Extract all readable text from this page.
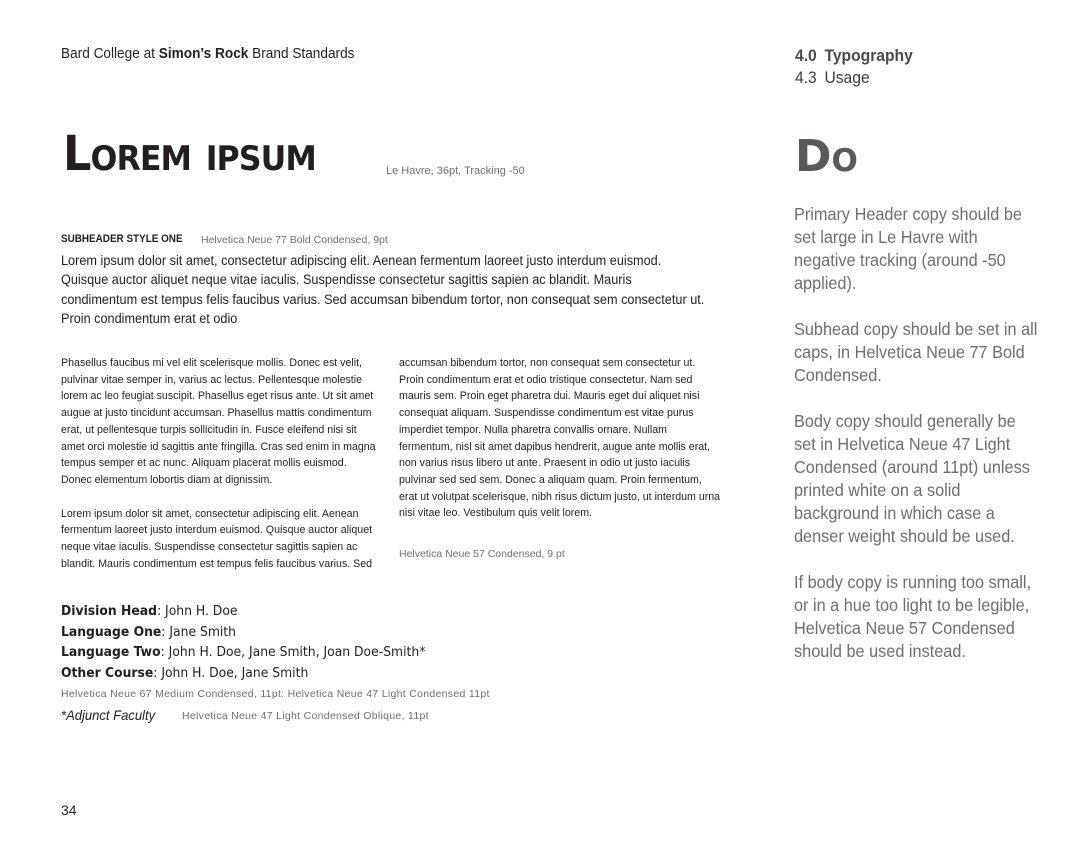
Bard College at Simon’s Rock Brand Standards	4.0 Typography
4.3 Usage
Lorem ipsum	Le Havre, 36pt, Tracking -50
SUBHEADER STYLE ONE Helvetica Neue 77 Bold Condensed, 9pt
Lorem ipsum dolor sit amet, consectetur adipiscing elit. Aenean fermentum laoreet justo interdum euismod. Quisque auctor aliquet neque vitae iaculis. Suspendisse consectetur sagittis sapien ac blandit. Mauris condimentum est tempus felis faucibus varius. Sed accumsan bibendum tortor, non consequat sem consectetur ut. Proin condimentum erat et odio

Phasellus faucibus mi vel elit scelerisque mollis. Donec est velit, pulvinar vitae semper in, varius ac lectus. Pellentesque molestie lorem ac leo feugiat suscipit. Phasellus eget risus ante. Ut sit amet augue at justo tincidunt accumsan. Phasellus mattis condimentum erat, ut pellentesque turpis sollicitudin in. Fusce eleifend nisi sit amet orci molestie id sagittis ante fringilla. Cras sed enim in magna tempus semper et ac nunc. Aliquam placerat mollis euismod. Donec elementum lobortis diam at dignissim.

Lorem ipsum dolor sit amet, consectetur adipiscing elit. Aenean fermentum laoreet justo interdum euismod. Quisque auctor aliquet neque vitae iaculis. Suspendisse consectetur sagittis sapien ac blandit. Mauris condimentum est tempus felis faucibus varius. Sed

accumsan bibendum tortor, non consequat sem consectetur ut. Proin condimentum erat et odio tristique consectetur. Nam sed mauris sem. Proin eget pharetra dui. Mauris eget dui aliquet nisi consequat aliquam. Suspendisse condimentum est vitae purus imperdiet tempor. Nulla pharetra convallis ornare. Nullam fermentum, nisl sit amet dapibus hendrerit, augue ante mollis erat, non varius risus libero ut ante. Praesent in odio ut justo iaculis pulvinar sed sed sem. Donec a aliquam quam. Proin fermentum, erat ut volutpat scelerisque, nibh risus dictum justo, ut interdum urna nisi vitae leo. Vestibulum quis velit lorem.

Helvetica Neue 57 Condensed, 9 pt
Division Head: John H. Doe
Language One: Jane Smith
Language Two: John H. Doe, Jane Smith, Joan Doe-Smith*
Other Course: John H. Doe, Jane Smith
Helvetica Neue 67 Medium Condensed, 11pt: Helvetica Neue 47 Light Condensed 11pt
*Adjunct Faculty	Helvetica Neue 47 Light Condensed Oblique, 11pt
34
Do

Primary Header copy should be set large in Le Havre with negative tracking (around -50 applied).

Subhead copy should be set in all caps, in Helvetica Neue 77 Bold Condensed.

Body copy should generally be set in Helvetica Neue 47 Light Condensed (around 11pt) unless printed white on a solid background in which case a denser weight should be used.

If body copy is running too small, or in a hue too light to be legible, Helvetica Neue 57 Condensed should be used instead.
